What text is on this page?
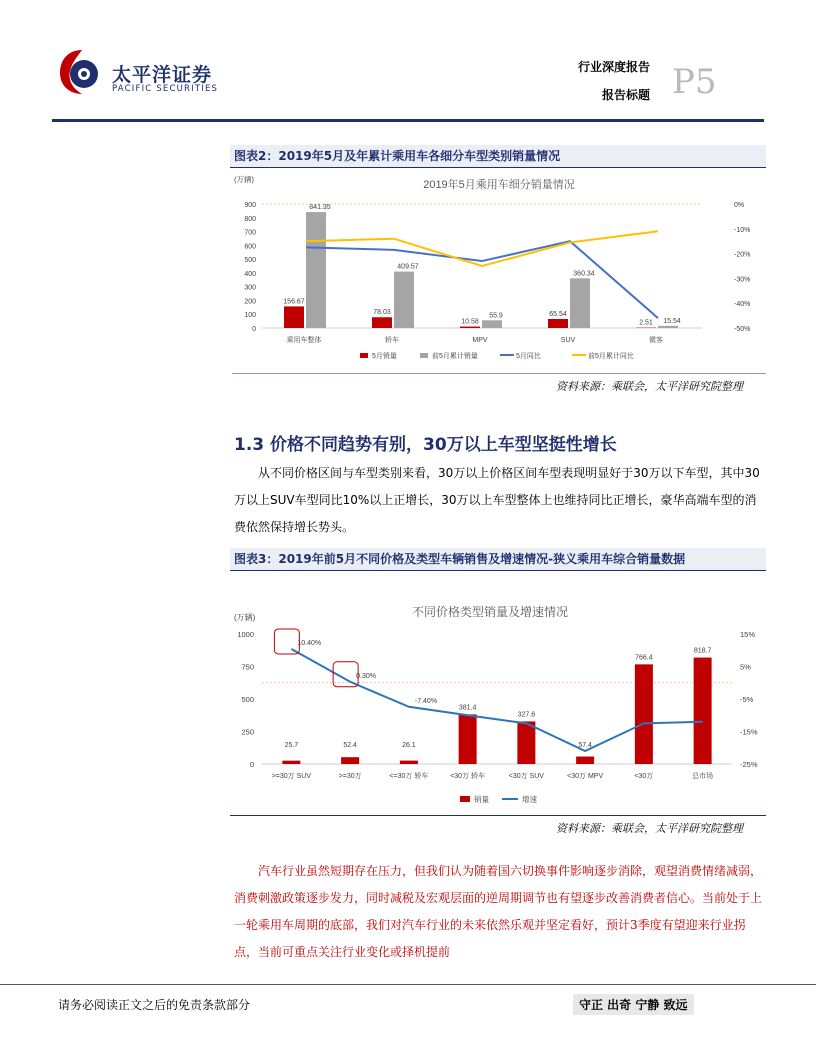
太平洋证券
PACIFIC SECURITIES
行业深度报告
报告标题 P5
图表2：2019年5月及年累计乘用车各细分车型类别销量情况
2019年5月乘用车细分销量情况
(万辆)
0
100
200
300
400
500
600
700
800
900	0%
-10%
-20%
-30%
-40%
-50%
乘用车整体
156.67
841.35
轿车
78.03
409.57
MPV
10.58
55.9
SUV
65.54
360.34
微客
2.51 15.54
5月销量	前5月累计销量	5月同比	前5月累计同比
资料来源：乘联会，太平洋研究院整理
1.3 价格不同趋势有别，30万以上车型坚挺性增长
从不同价格区间与车型类别来看，30万以上价格区间车型表现明显好于30万以下车型，其中30万以上SUV车型同比10%以上正增长，30万以上车型整体上也维持同比正增长，豪华高端车型的消费依然保持增长势头。
图表3：2019年前5月不同价格及类型车辆销售及增速情况-狭义乘用车综合销量数据
不同价格类型销量及增速情况
(万辆)
0
250
500
750
1000	15%
5%
-5%
-15%
-25%
>=30万 SUV
25.7
>=30万
52.4
<=30万 轿车
26.1
<30万 轿车
381.4
<30万 SUV
327.6
<30万 MPV
57.4
<30万
766.4
总市场
818.7
10.40%
0.30%
-7.40%
销量	增速
资料来源：乘联会，太平洋研究院整理
汽车行业虽然短期存在压力，但我们认为随着国六切换事件影响逐步消除，观望消费情绪减弱，消费刺激政策逐步发力，同时减税及宏观层面的逆周期调节也有望逐步改善消费者信心。当前处于上一轮乘用车周期的底部，我们对汽车行业的未来依然乐观并坚定看好，预计3季度有望迎来行业拐点，当前可重点关注行业变化或择机提前
请务必阅读正文之后的免责条款部分	守正 出奇 宁静 致远
